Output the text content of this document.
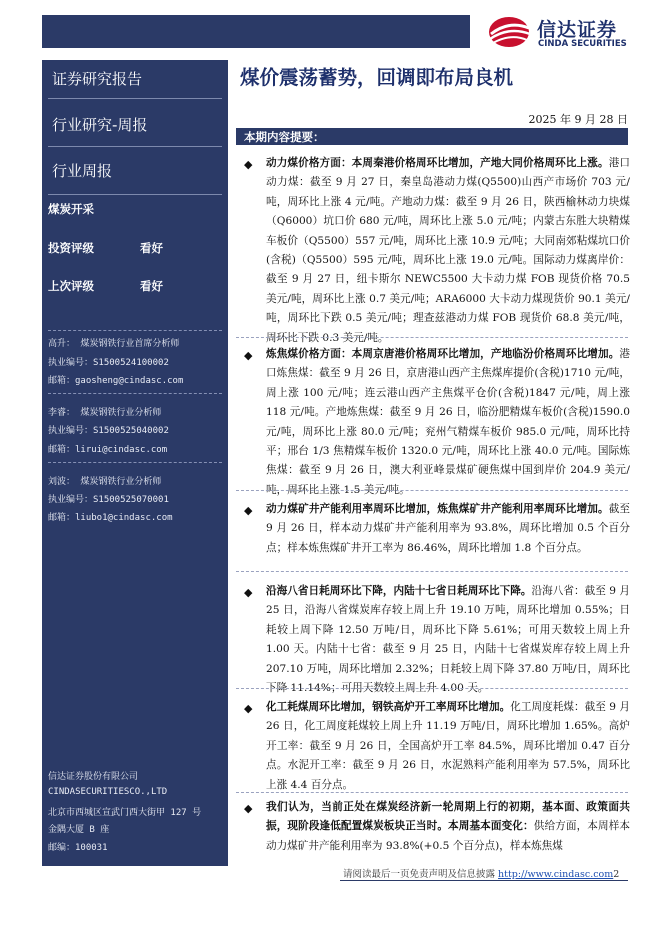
信达证券
CINDA SECURITIES
证券研究报告
行业研究-周报
行业周报
煤炭开采
投资评级	看好
上次评级	看好
高升： 煤炭钢铁行业首席分析师
执业编号：S1500524100002
邮箱：gaosheng@cindasc.com
李睿： 煤炭钢铁行业分析师
执业编号：S1500525040002
邮箱：lirui@cindasc.com
刘波： 煤炭钢铁行业分析师
执业编号：S1500525070001
邮箱：liubo1@cindasc.com
信达证券股份有限公司
CINDASECURITIESCO.,LTD
北京市西城区宣武门西大街甲 127 号
金隅大厦 B 座
邮编：100031
煤价震荡蓄势，回调即布局良机
2025 年 9 月 28 日
本期内容提要：
◆ 动力煤价格方面：本周秦港价格周环比增加，产地大同价格周环比上涨。港口动力煤：截至 9 月 27 日，秦皇岛港动力煤(Q5500)山西产市场价 703 元/吨，周环比上涨 4 元/吨。产地动力煤：截至 9 月 26 日，陕西榆林动力块煤（Q6000）坑口价 680 元/吨，周环比上涨 5.0 元/吨；内蒙古东胜大块精煤车板价（Q5500）557 元/吨，周环比上涨 10.9 元/吨；大同南郊粘煤坑口价(含税)（Q5500）595 元/吨，周环比上涨 19.0 元/吨。国际动力煤离岸价：截至 9 月 27 日，纽卡斯尔 NEWC5500 大卡动力煤 FOB 现货价格 70.5 美元/吨，周环比上涨 0.7 美元/吨；ARA6000 大卡动力煤现货价 90.1 美元/吨，周环比下跌 0.5 美元/吨；理查兹港动力煤 FOB 现货价 68.8 美元/吨，周环比下跌 0.3 美元/吨。
◆ 炼焦煤价格方面：本周京唐港价格周环比增加，产地临汾价格周环比增加。港口炼焦煤：截至 9 月 26 日，京唐港山西产主焦煤库提价(含税)1710 元/吨，周上涨 100 元/吨；连云港山西产主焦煤平仓价(含税)1847 元/吨，周上涨 118 元/吨。产地炼焦煤：截至 9 月 26 日，临汾肥精煤车板价(含税)1590.0 元/吨，周环比上涨 80.0 元/吨；兖州气精煤车板价 985.0 元/吨，周环比持平；邢台 1/3 焦精煤车板价 1320.0 元/吨，周环比上涨 40.0 元/吨。国际炼焦煤：截至 9 月 26 日，澳大利亚峰景煤矿硬焦煤中国到岸价 204.9 美元/吨，周环比上涨 1.5 美元/吨。
◆ 动力煤矿井产能利用率周环比增加，炼焦煤矿井产能利用率周环比增加。截至 9 月 26 日，样本动力煤矿井产能利用率为 93.8%，周环比增加 0.5 个百分点；样本炼焦煤矿井开工率为 86.46%，周环比增加 1.8 个百分点。
◆ 沿海八省日耗周环比下降，内陆十七省日耗周环比下降。沿海八省：截至 9 月 25 日，沿海八省煤炭库存较上周上升 19.10 万吨，周环比增加 0.55%；日耗较上周下降 12.50 万吨/日，周环比下降 5.61%；可用天数较上周上升 1.00 天。内陆十七省：截至 9 月 25 日，内陆十七省煤炭库存较上周上升 207.10 万吨，周环比增加 2.32%；日耗较上周下降 37.80 万吨/日，周环比下降 11.14%；可用天数较上周上升 4.00 天。
◆ 化工耗煤周环比增加，钢铁高炉开工率周环比增加。化工周度耗煤：截至 9 月 26 日，化工周度耗煤较上周上升 11.19 万吨/日，周环比增加 1.65%。高炉开工率：截至 9 月 26 日，全国高炉开工率 84.5%，周环比增加 0.47 百分点。水泥开工率：截至 9 月 26 日，水泥熟料产能利用率为 57.5%，周环比上涨 4.4 百分点。
◆ 我们认为，当前正处在煤炭经济新一轮周期上行的初期，基本面、政策面共振，现阶段逢低配置煤炭板块正当时。本周基本面变化：供给方面，本周样本动力煤矿井产能利用率为 93.8%(+0.5 个百分点)，样本炼焦煤
请阅读最后一页免责声明及信息披露 http://www.cindasc.com2
